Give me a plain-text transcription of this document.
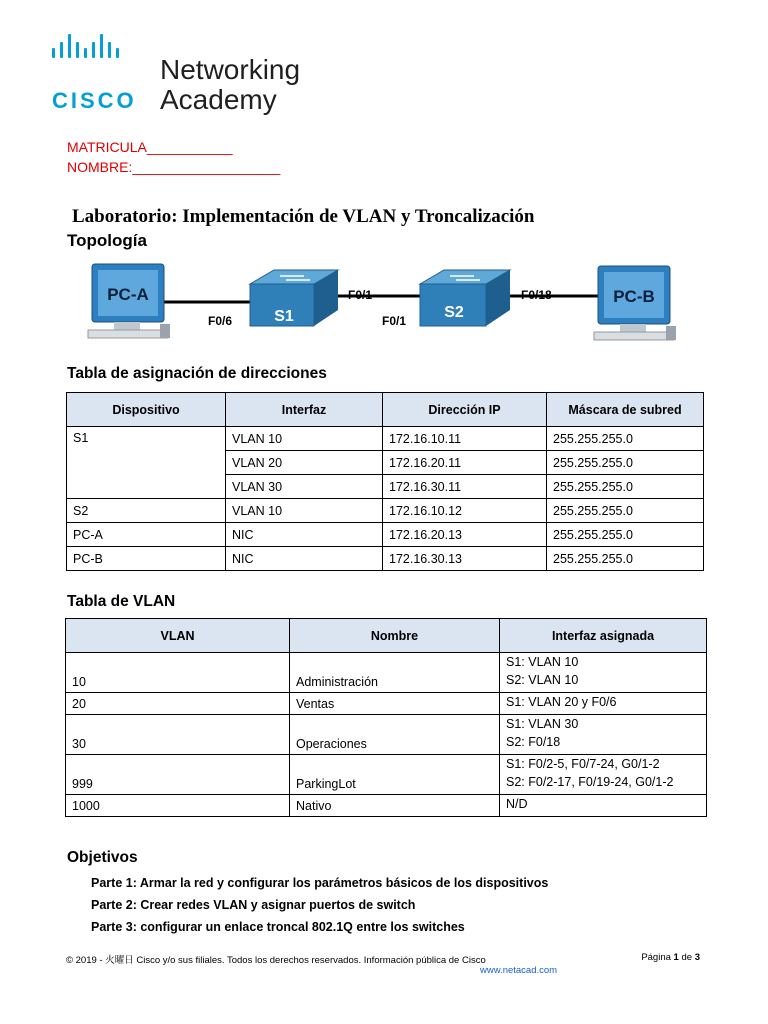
CISCO
Networking
Academy
MATRICULA___________
NOMBRE:___________________
Laboratorio: Implementación de VLAN y Troncalización
Topología
PC-A
S1	S2
PC-B
F0/6
F0/1
F0/1
F0/18
Tabla de asignación de direcciones
Dispositivo	Interfaz	Dirección IP	Máscara de subred
S1	VLAN 10	172.16.10.11	255.255.255.0
	VLAN 20	172.16.20.11	255.255.255.0
	VLAN 30	172.16.30.11	255.255.255.0
S2	VLAN 10	172.16.10.12	255.255.255.0
PC-A	NIC	172.16.20.13	255.255.255.0
PC-B	NIC	172.16.30.13	255.255.255.0
Tabla de VLAN
VLAN	Nombre	Interfaz asignada
10	Administración	S1: VLAN 10
S2: VLAN 10

20	Ventas	S1: VLAN 20 y F0/6

30	Operaciones	S1: VLAN 30
S2: F0/18

999	ParkingLot	S1: F0/2-5, F0/7-24, G0/1-2
S2: F0/2-17, F0/19-24, G0/1-2

1000	Nativo	N/D
Objetivos
Parte 1: Armar la red y configurar los parámetros básicos de los dispositivos
Parte 2: Crear redes VLAN y asignar puertos de switch
Parte 3: configurar un enlace troncal 802.1Q entre los switches
© 2019 - 火曜日 Cisco y/o sus filiales. Todos los derechos reservados. Información pública de Cisco	Página 1 de 3
www.netacad.com
